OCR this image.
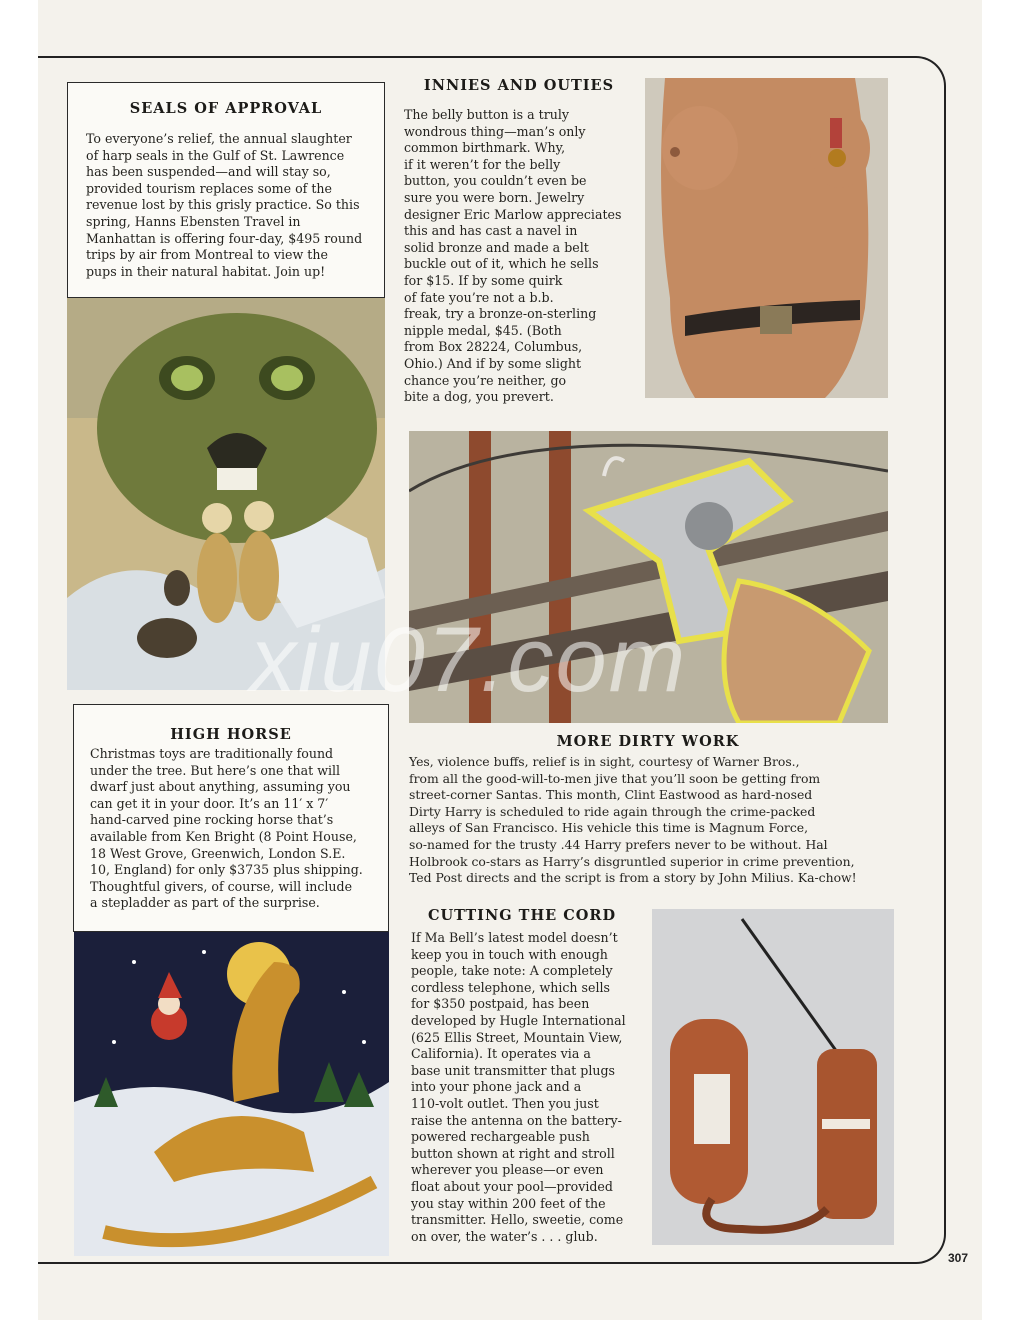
SEALS OF APPROVAL
To everyone’s relief, the annual slaughter
of harp seals in the Gulf of St. Lawrence
has been suspended—and will stay so,
provided tourism replaces some of the
revenue lost by this grisly practice. So this
spring, Hanns Ebensten Travel in
Manhattan is offering four-day, $495 round
trips by air from Montreal to view the
pups in their natural habitat. Join up!
INNIES AND OUTIES
The belly button is a truly
wondrous thing—man’s only
common birthmark. Why,
if it weren’t for the belly
button, you couldn’t even be
sure you were born. Jewelry
designer Eric Marlow appreciates
this and has cast a navel in
solid bronze and made a belt
buckle out of it, which he sells
for $15. If by some quirk
of fate you’re not a b.b.
freak, try a bronze-on-sterling
nipple medal, $45. (Both
from Box 28224, Columbus,
Ohio.) And if by some slight
chance you’re neither, go
bite a dog, you prevert.
MORE DIRTY WORK
Yes, violence buffs, relief is in sight, courtesy of Warner Bros.,
from all the good-will-to-men jive that you’ll soon be getting from
street-corner Santas. This month, Clint Eastwood as hard-nosed
Dirty Harry is scheduled to ride again through the crime-packed
alleys of San Francisco. His vehicle this time is Magnum Force,
so-named for the trusty .44 Harry prefers never to be without. Hal
Holbrook co-stars as Harry’s disgruntled superior in crime prevention,
Ted Post directs and the script is from a story by John Milius. Ka-chow!
HIGH HORSE
Christmas toys are traditionally found
under the tree. But here’s one that will
dwarf just about anything, assuming you
can get it in your door. It’s an 11′ x 7′
hand-carved pine rocking horse that’s
available from Ken Bright (8 Point House,
18 West Grove, Greenwich, London S.E.
10, England) for only $3735 plus shipping.
Thoughtful givers, of course, will include
a stepladder as part of the surprise.
CUTTING THE CORD
If Ma Bell’s latest model doesn’t
keep you in touch with enough
people, take note: A completely
cordless telephone, which sells
for $350 postpaid, has been
developed by Hugle International
(625 Ellis Street, Mountain View,
California). It operates via a
base unit transmitter that plugs
into your phone jack and a
110-volt outlet. Then you just
raise the antenna on the battery-
powered rechargeable push
button shown at right and stroll
wherever you please—or even
float about your pool—provided
you stay within 200 feet of the
transmitter. Hello, sweetie, come
on over, the water’s . . . glub.
xiu07.com
307
